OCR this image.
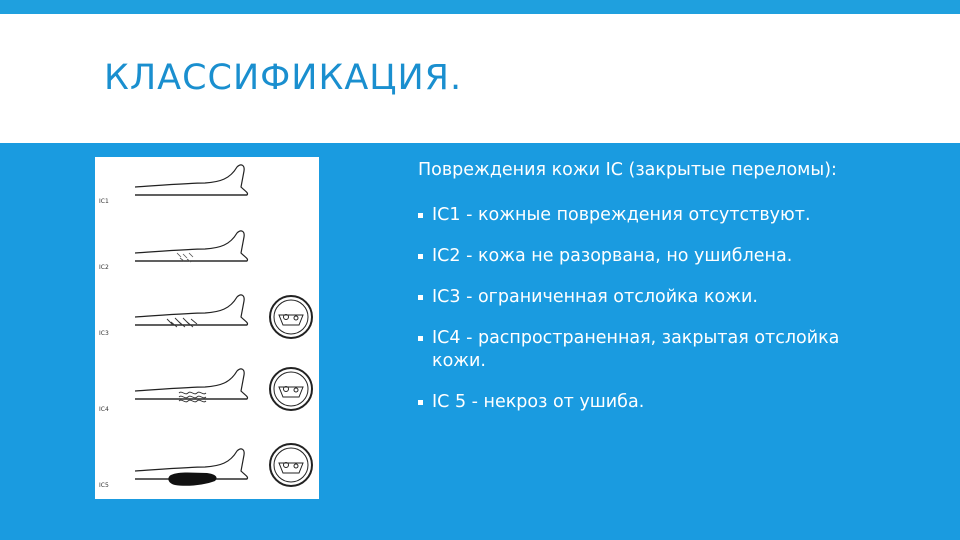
КЛАССИФИКАЦИЯ.
IC1
IC2
IC3
IC4
IC5
Повреждения кожи IC (закрытые переломы):
IC1 - кожные повреждения отсутствуют.
IC2 - кожа не разорвана, но ушиблена.
IC3 - ограниченная отслойка кожи.
IC4 - распространенная, закрытая отслойка кожи.
IC 5 - некроз от ушиба.
